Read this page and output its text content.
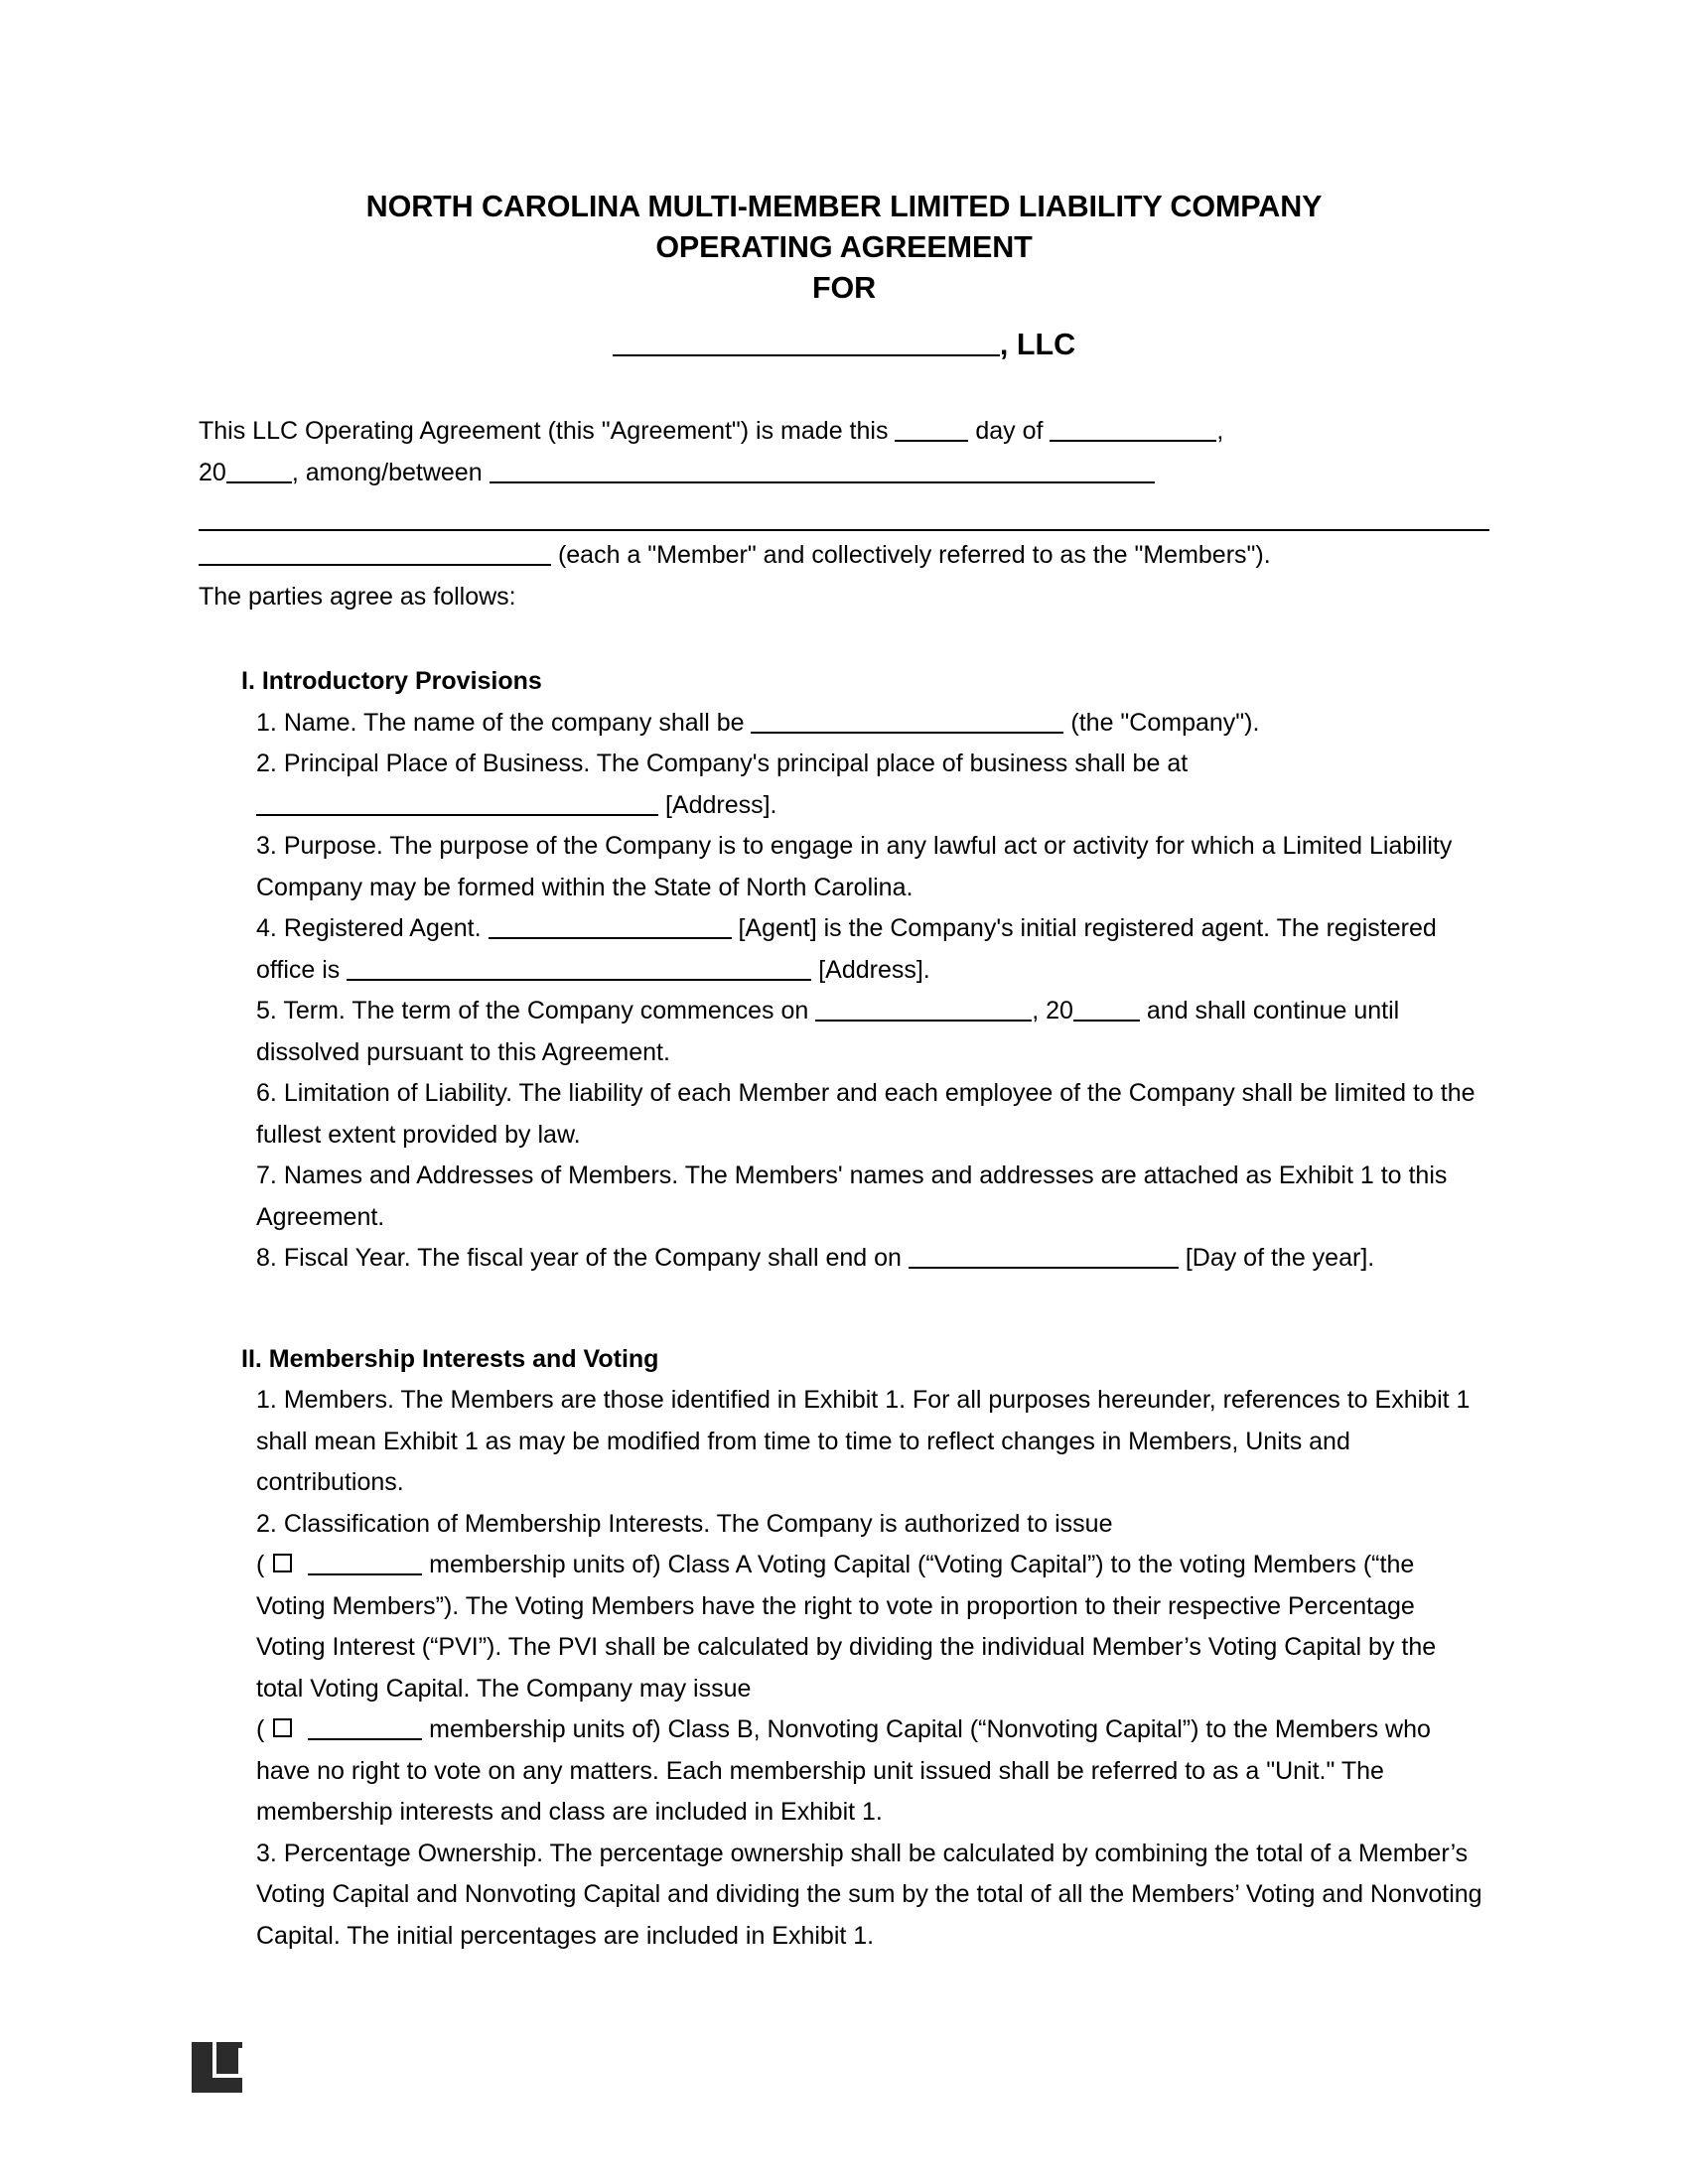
NORTH CAROLINA MULTI-MEMBER LIMITED LIABILITY COMPANY
OPERATING AGREEMENT
FOR
, LLC

This LLC Operating Agreement (this "Agreement") is made this	day of	,
20	, among/between

(each a "Member" and collectively referred to as the "Members").

The parties agree as follows:

I. Introductory Provisions

1. Name. The name of the company shall be	(the "Company").

2. Principal Place of Business. The Company's principal place of business shall be at  [Address].

3. Purpose. The purpose of the Company is to engage in any lawful act or activity for which a Limited Liability Company may be formed within the State of North Carolina.

4. Registered Agent.	[Agent] is the Company's initial registered agent. The registered office is	[Address].

5. Term. The term of the Company commences on	, 20	and shall continue until dissolved pursuant to this Agreement.

6. Limitation of Liability. The liability of each Member and each employee of the Company shall be limited to the fullest extent provided by law.

7. Names and Addresses of Members. The Members' names and addresses are attached as Exhibit 1 to this Agreement.

8. Fiscal Year. The fiscal year of the Company shall end on	[Day of the year].

II. Membership Interests and Voting

1. Members. The Members are those identified in Exhibit 1. For all purposes hereunder, references to Exhibit 1 shall mean Exhibit 1 as may be modified from time to time to reflect changes in Members, Units and contributions.

2. Classification of Membership Interests. The Company is authorized to issue
(	membership units of) Class A Voting Capital (“Voting Capital”) to the voting Members (“the Voting Members”). The Voting Members have the right to vote in proportion to their respective Percentage Voting Interest (“PVI”). The PVI shall be calculated by dividing the individual Member’s Voting Capital by the total Voting Capital. The Company may issue
(	membership units of) Class B, Nonvoting Capital (“Nonvoting Capital”) to the Members who have no right to vote on any matters. Each membership unit issued shall be referred to as a "Unit." The membership interests and class are included in Exhibit 1.

3. Percentage Ownership. The percentage ownership shall be calculated by combining the total of a Member’s Voting Capital and Nonvoting Capital and dividing the sum by the total of all the Members’ Voting and Nonvoting Capital. The initial percentages are included in Exhibit 1.
